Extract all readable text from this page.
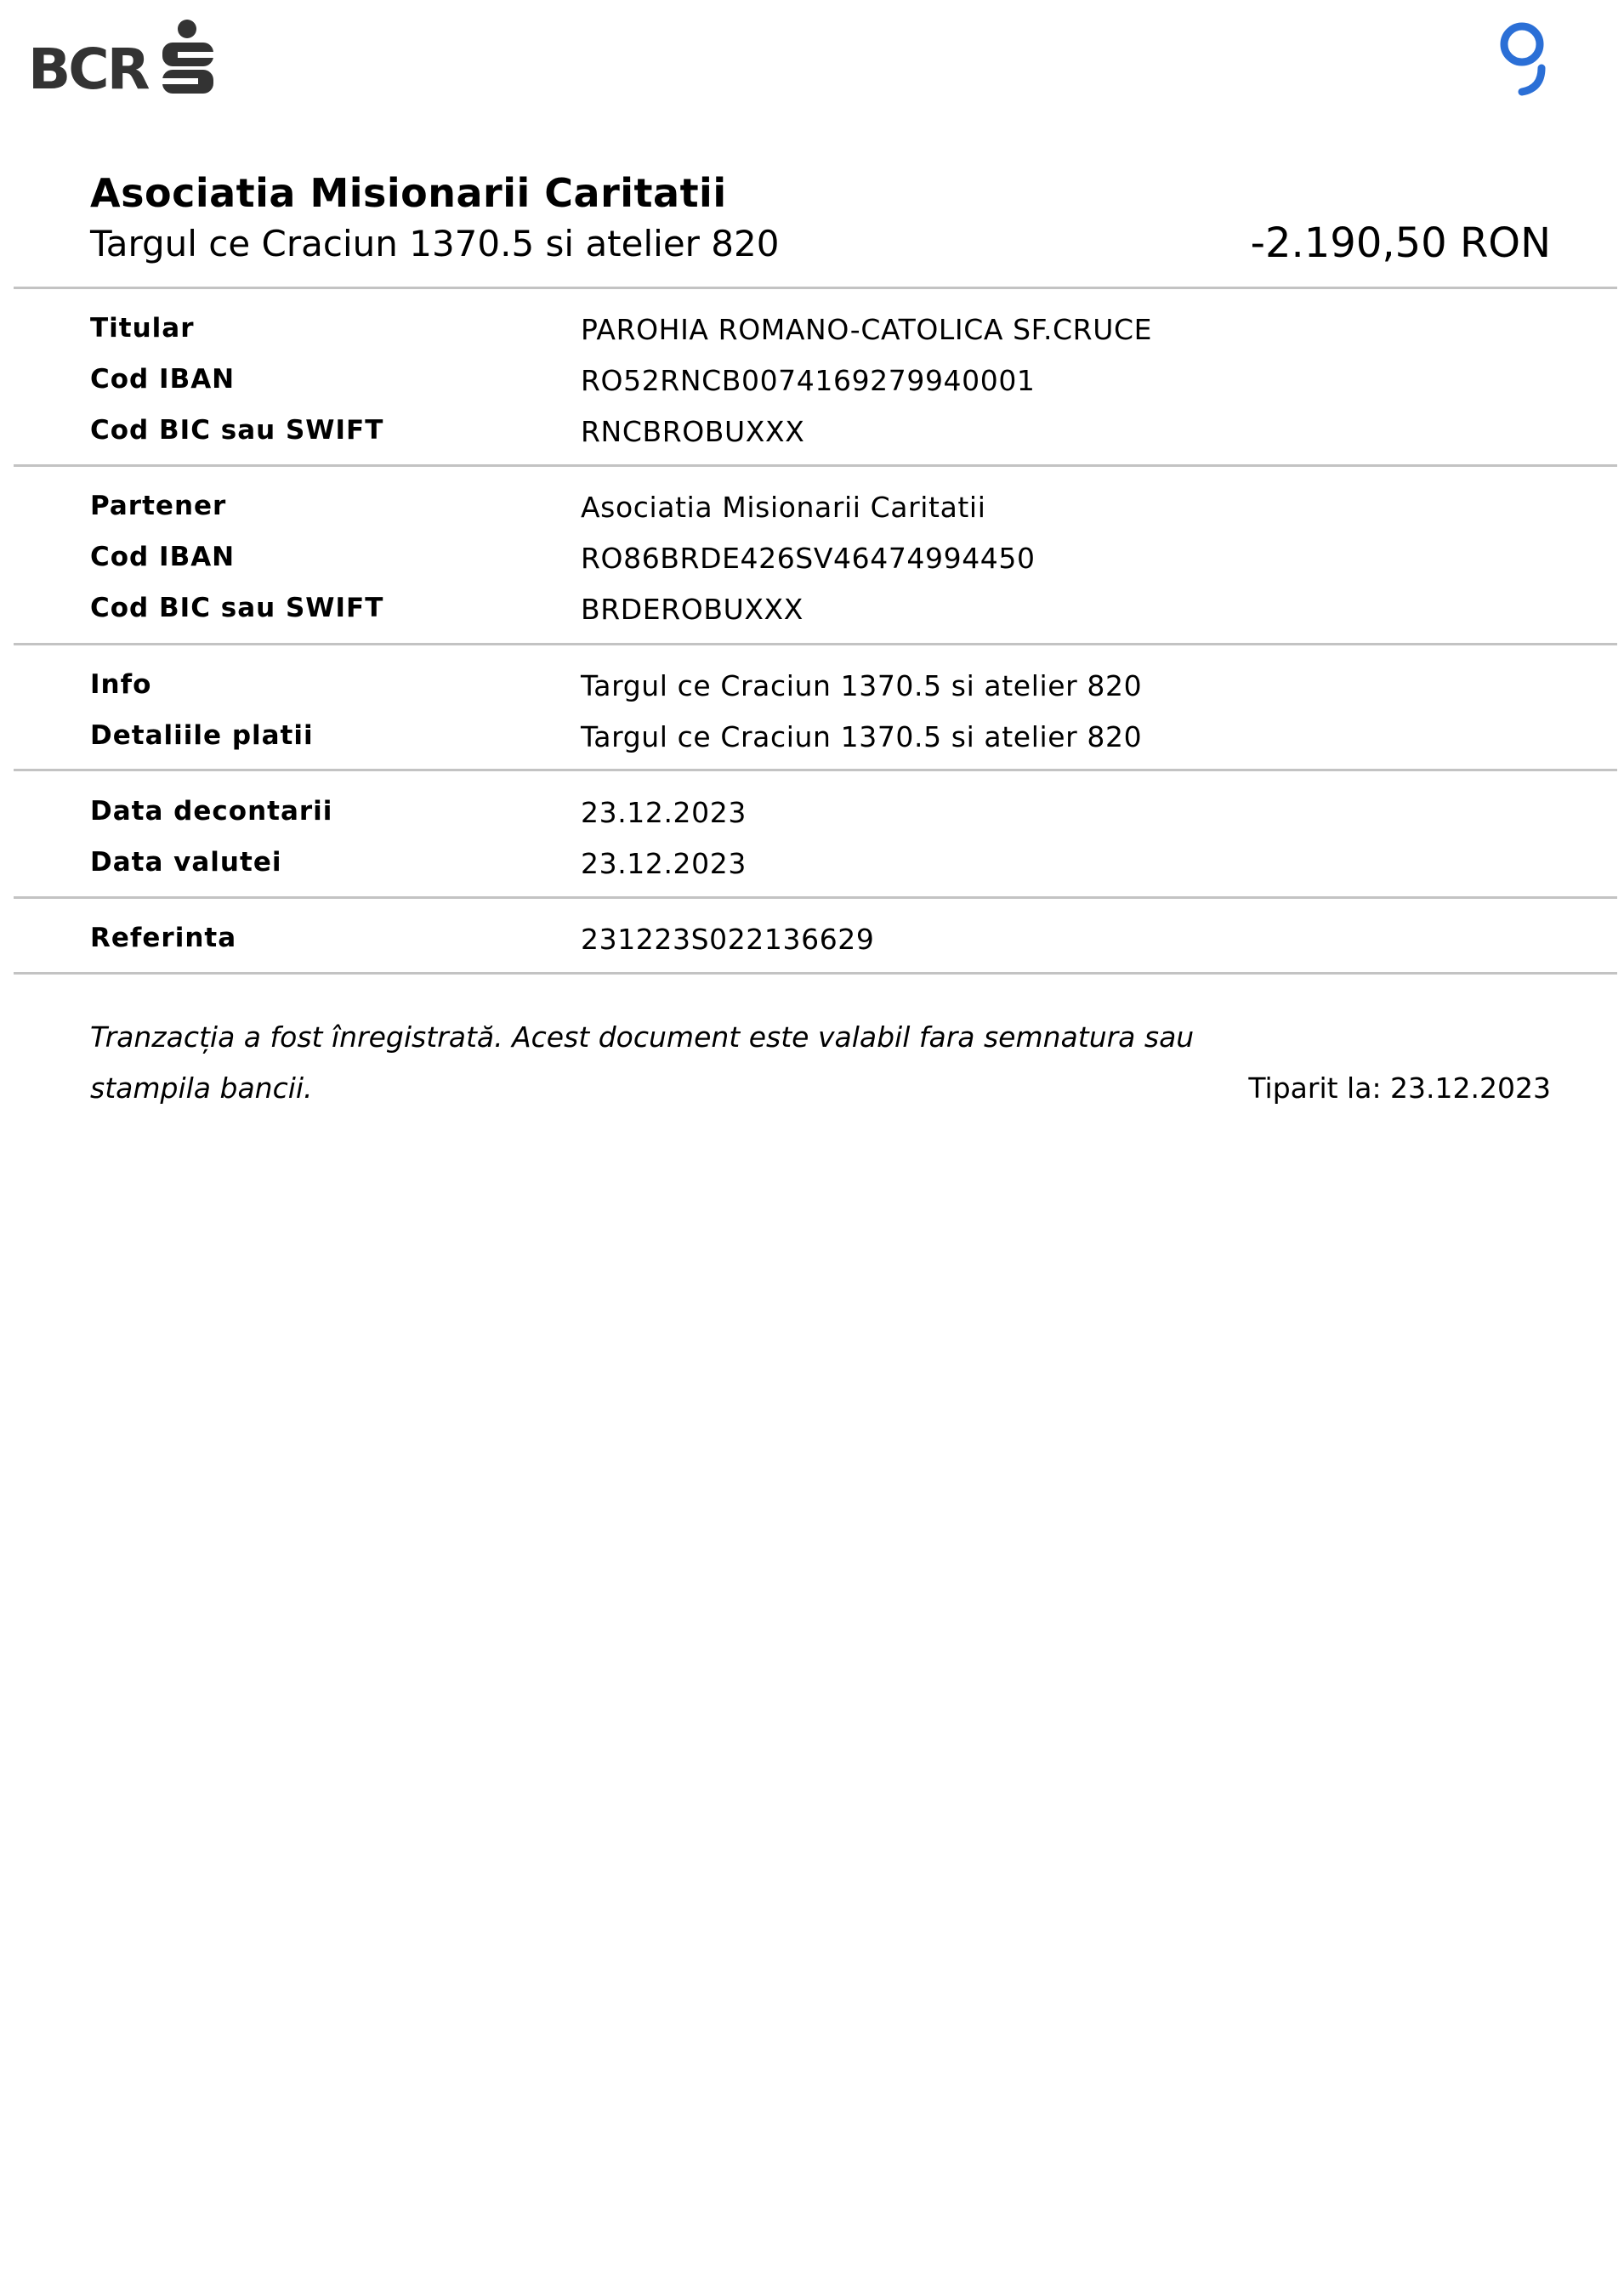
BCR
Asociatia Misionarii Caritatii
Targul ce Craciun 1370.5 si atelier 820	-2.190,50 RON
Titular	PAROHIA ROMANO-CATOLICA SF.CRUCE
Cod IBAN	RO52RNCB0074169279940001
Cod BIC sau SWIFT	RNCBROBUXXX
Partener	Asociatia Misionarii Caritatii
Cod IBAN	RO86BRDE426SV46474994450
Cod BIC sau SWIFT	BRDEROBUXXX
Info	Targul ce Craciun 1370.5 si atelier 820
Detaliile platii	Targul ce Craciun 1370.5 si atelier 820
Data decontarii	23.12.2023
Data valutei	23.12.2023
Referinta	231223S022136629
Tranzacția a fost înregistrată. Acest document este valabil fara semnatura sau stampila bancii.	Tiparit la: 23.12.2023
